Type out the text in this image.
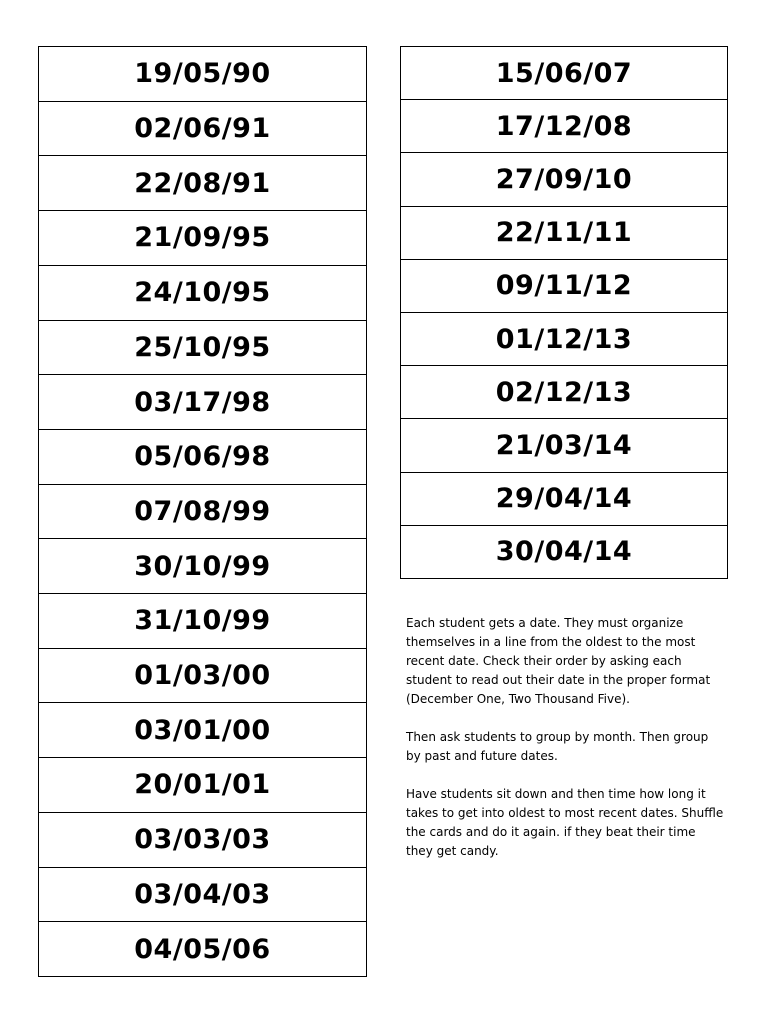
19/05/90
02/06/91
22/08/91
21/09/95
24/10/95
25/10/95
03/17/98
05/06/98
07/08/99
30/10/99
31/10/99
01/03/00
03/01/00
20/01/01
03/03/03
03/04/03
04/05/06
15/06/07
17/12/08
27/09/10
22/11/11
09/11/12
01/12/13
02/12/13
21/03/14
29/04/14
30/04/14

Each student gets a date. They must organize themselves in a line from the oldest to the most recent date. Check their order by asking each student to read out their date in the proper format (December One, Two Thousand Five).

Then ask students to group by month. Then group by past and future dates.

Have students sit down and then time how long it takes to get into oldest to most recent dates. Shuffle the cards and do it again. if they beat their time they get candy.
